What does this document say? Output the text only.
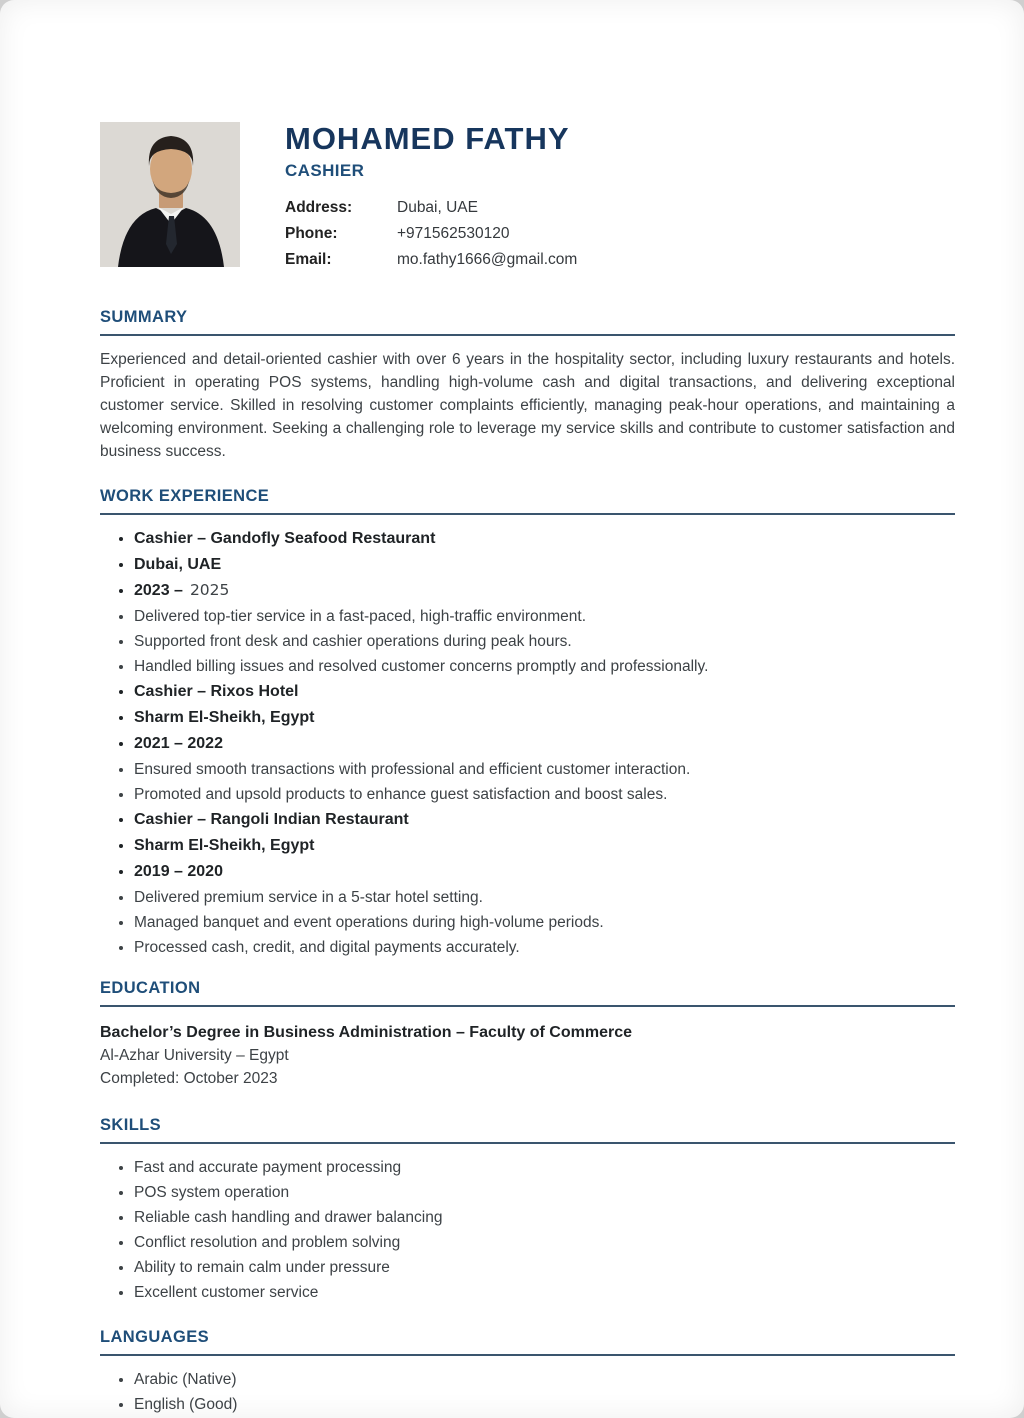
MOHAMED FATHY
CASHIER
Address:	Dubai, UAE
Phone:	+971562530120
Email:	mo.fathy1666@gmail.com
SUMMARY

Experienced and detail-oriented cashier with over 6 years in the hospitality sector, including luxury restaurants and hotels. Proficient in operating POS systems, handling high-volume cash and digital transactions, and delivering exceptional customer service. Skilled in resolving customer complaints efficiently, managing peak-hour operations, and maintaining a welcoming environment. Seeking a challenging role to leverage my service skills and contribute to customer satisfaction and business success.

WORK EXPERIENCE
• Cashier – Gandofly Seafood Restaurant
• Dubai, UAE
• 2023 – 2025
• Delivered top-tier service in a fast-paced, high-traffic environment.
• Supported front desk and cashier operations during peak hours.
• Handled billing issues and resolved customer concerns promptly and professionally.
• Cashier – Rixos Hotel
• Sharm El-Sheikh, Egypt
• 2021 – 2022
• Ensured smooth transactions with professional and efficient customer interaction.
• Promoted and upsold products to enhance guest satisfaction and boost sales.
• Cashier – Rangoli Indian Restaurant
• Sharm El-Sheikh, Egypt
• 2019 – 2020
• Delivered premium service in a 5-star hotel setting.
• Managed banquet and event operations during high-volume periods.
• Processed cash, credit, and digital payments accurately.
EDUCATION
Bachelor’s Degree in Business Administration – Faculty of Commerce
Al-Azhar University – Egypt
Completed: October 2023
SKILLS
• Fast and accurate payment processing
• POS system operation
• Reliable cash handling and drawer balancing
• Conflict resolution and problem solving
• Ability to remain calm under pressure
• Excellent customer service
LANGUAGES
• Arabic (Native)
• English (Good)
